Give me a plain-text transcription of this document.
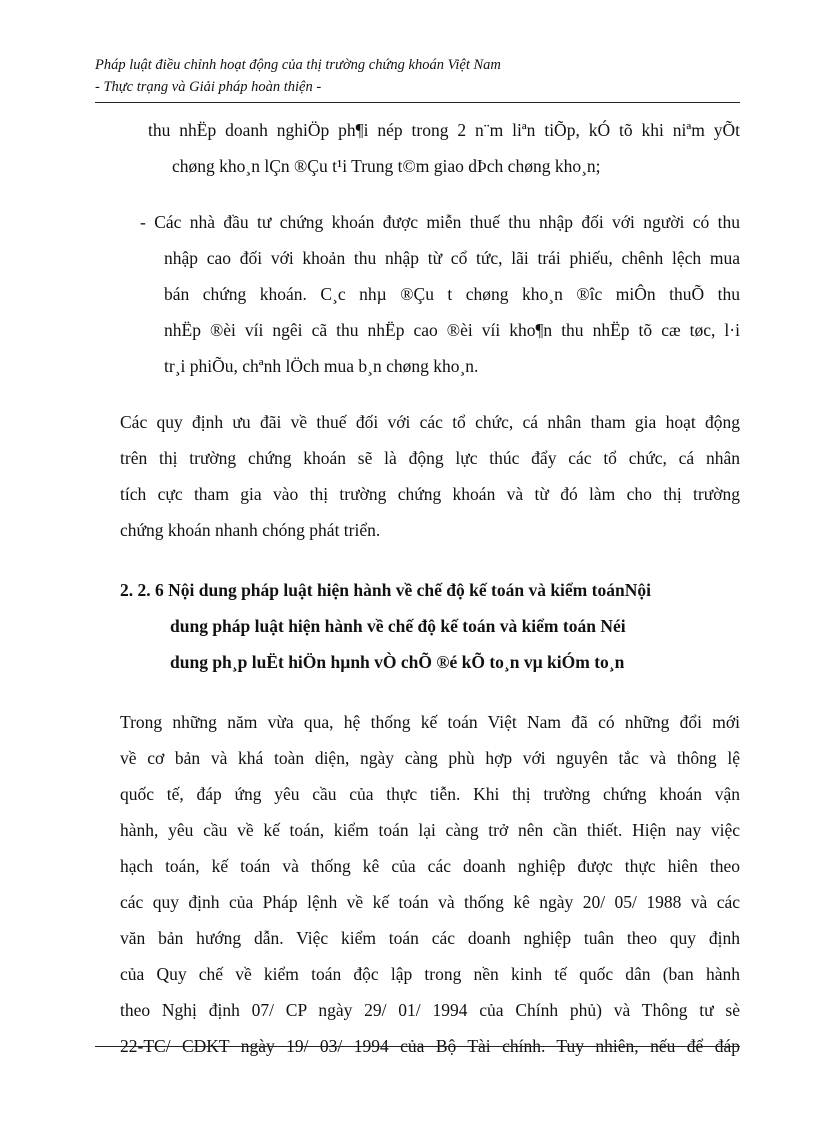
Pháp luật điều chỉnh hoạt động của thị trường chứng khoán Việt Nam
- Thực trạng và Giải pháp hoàn thiện -
thu nhËp doanh nghiÖp ph¶i nép trong 2 n¨m liªn tiÕp, kÓ tõ khi niªm yÕt
chøng kho¸n lÇn ®Çu t¹i Trung t©m giao dÞch chøng kho¸n;
- Các nhà đầu tư chứng khoán được miễn thuế thu nhập đối với người có thu
nhập cao đối với khoản thu nhập từ cổ tức, lãi trái phiếu, chênh lệch mua
bán chứng khoán. C¸c nhµ ®Çu t chøng kho¸n ®îc miÔn thuÕ thu
nhËp ®èi víi ngêi cã thu nhËp cao ®èi víi kho¶n thu nhËp tõ cæ tøc, l·i
tr¸i phiÕu, chªnh lÖch mua b¸n chøng kho¸n.
Các quy định ưu đãi về thuế đối với các tổ chức, cá nhân tham gia hoạt động
trên thị trường chứng khoán sẽ là động lực thúc đẩy các tổ chức, cá nhân
tích cực tham gia vào thị trường chứng khoán và từ đó làm cho thị trường
chứng khoán nhanh chóng phát triển.
2. 2. 6 Nội dung pháp luật hiện hành về chế độ kế toán và kiểm toánNội
dung pháp luật hiện hành về chế độ kế toán và kiểm toán Néi
dung ph¸p luËt hiÖn hµnh vÒ chÕ ®é kÕ to¸n vµ kiÓm to¸n
Trong những năm vừa qua, hệ thống kế toán Việt Nam đã có những đổi mới
về cơ bản và khá toàn diện, ngày càng phù hợp với nguyên tắc và thông lệ
quốc tế, đáp ứng yêu cầu của thực tiễn. Khi thị trường chứng khoán vận
hành, yêu cầu về kế toán, kiểm toán lại càng trở nên cần thiết. Hiện nay việc
hạch toán, kế toán và thống kê của các doanh nghiệp được thực hiên theo
các quy định của Pháp lệnh về kế toán và thống kê ngày 20/ 05/ 1988 và các
văn bản hướng dẫn. Việc kiểm toán các doanh nghiệp tuân theo quy định
của Quy chế về kiểm toán độc lập trong nền kinh tế quốc dân (ban hành
theo Nghị định 07/ CP ngày 29/ 01/ 1994 của Chính phủ) và Thông tư sè
22-TC/ CĐKT ngày 19/ 03/ 1994 của Bộ Tài chính. Tuy nhiên, nếu để đáp
